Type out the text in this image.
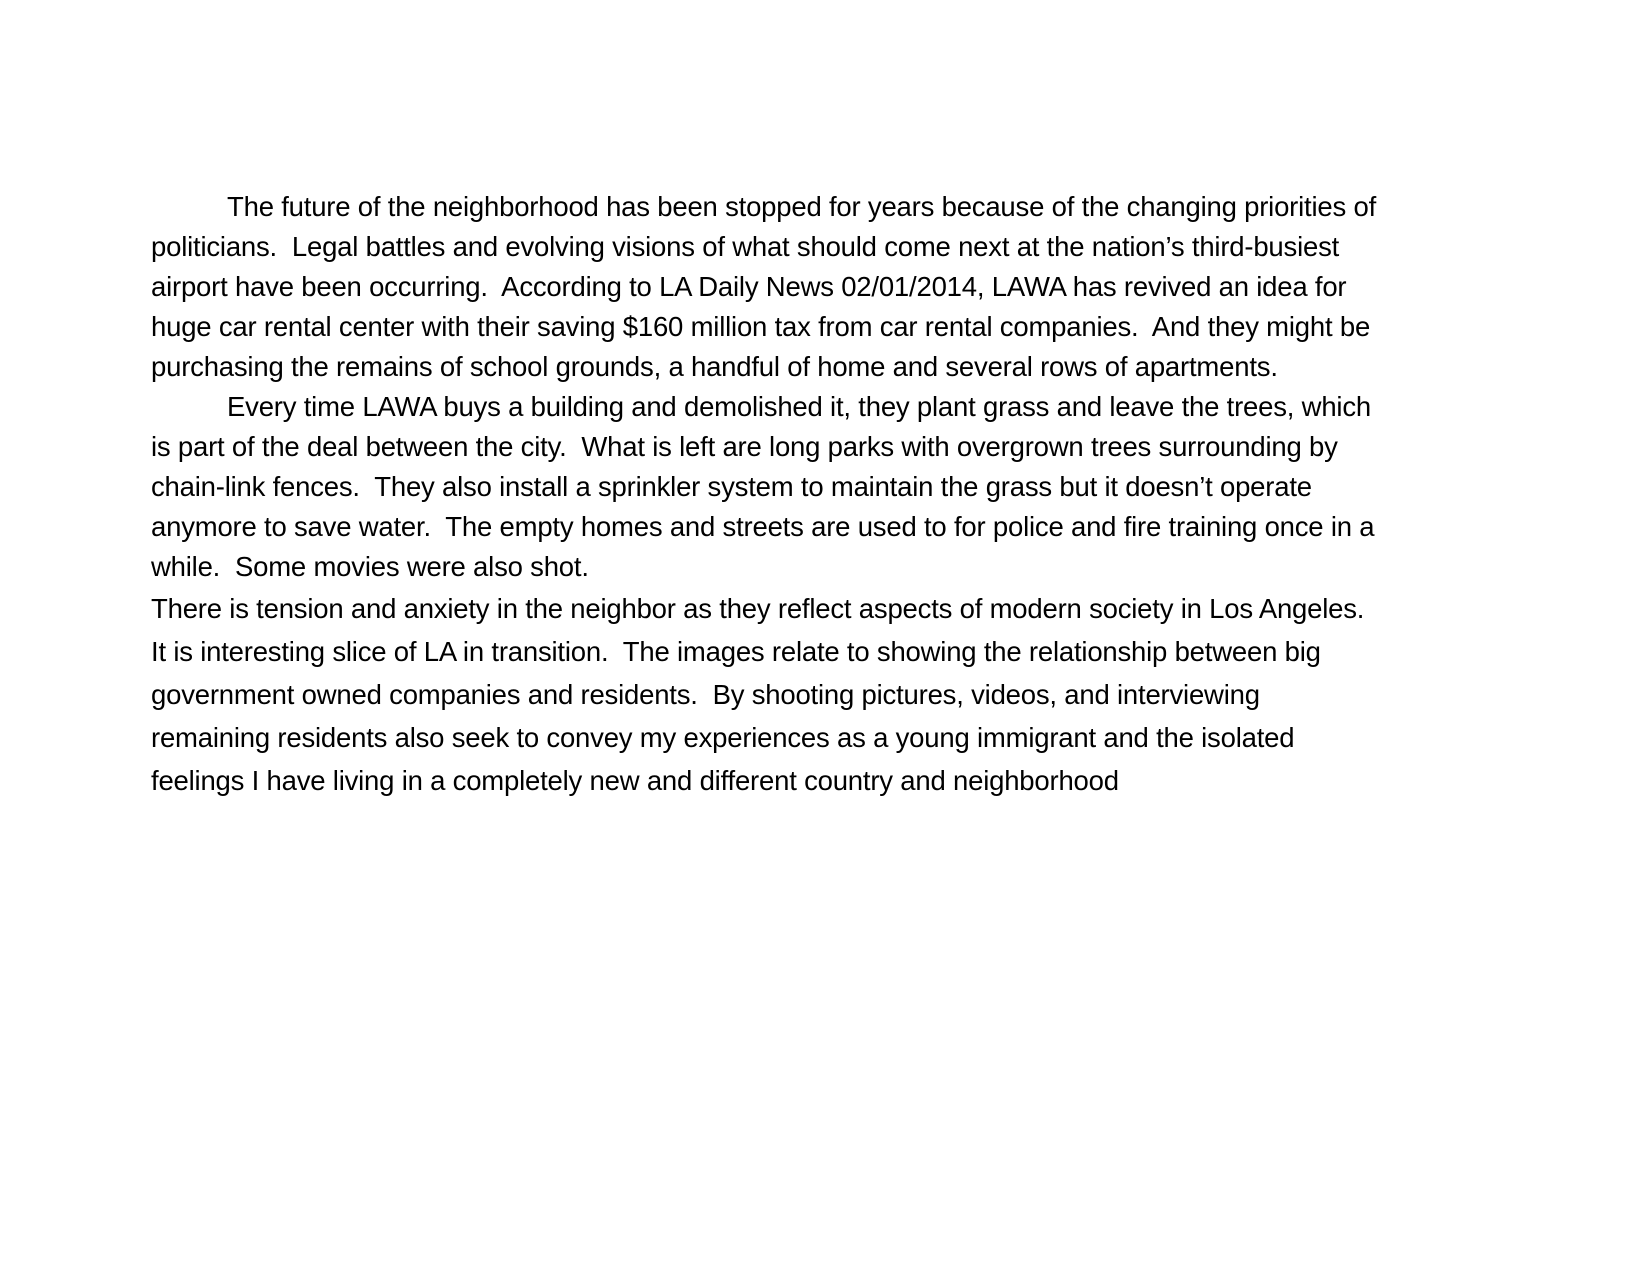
The future of the neighborhood has been stopped for years because of the changing priorities of
politicians.  Legal battles and evolving visions of what should come next at the nation’s third-busiest
airport have been occurring.  According to LA Daily News 02/01/2014, LAWA has revived an idea for
huge car rental center with their saving $160 million tax from car rental companies.  And they might be
purchasing the remains of school grounds, a handful of home and several rows of apartments.
Every time LAWA buys a building and demolished it, they plant grass and leave the trees, which
is part of the deal between the city.  What is left are long parks with overgrown trees surrounding by
chain-link fences.  They also install a sprinkler system to maintain the grass but it doesn’t operate
anymore to save water.  The empty homes and streets are used to for police and fire training once in a
while.  Some movies were also shot.
There is tension and anxiety in the neighbor as they reflect aspects of modern society in Los Angeles.
It is interesting slice of LA in transition.  The images relate to showing the relationship between big
government owned companies and residents.  By shooting pictures, videos, and interviewing
remaining residents also seek to convey my experiences as a young immigrant and the isolated
feelings I have living in a completely new and different country and neighborhood
